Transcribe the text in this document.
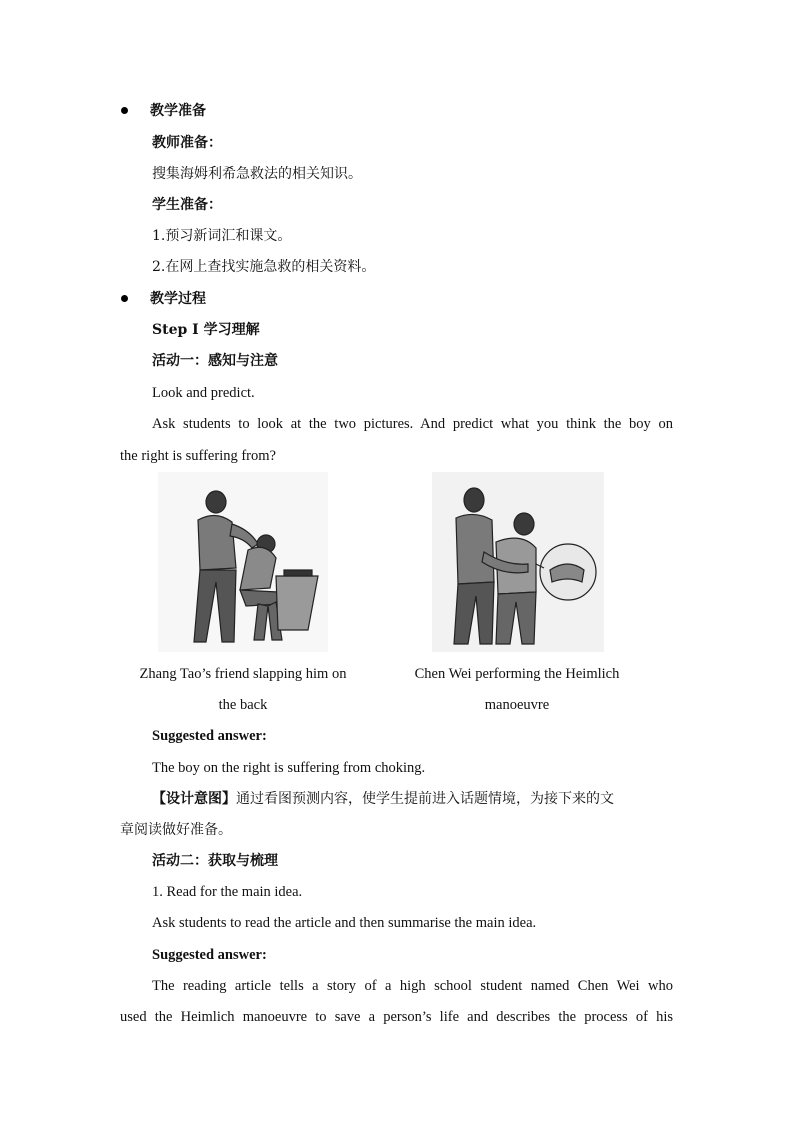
教学准备
教师准备：
搜集海姆利希急救法的相关知识。
学生准备：
1.预习新词汇和课文。
2.在网上查找实施急救的相关资料。
教学过程
Step I 学习理解
活动一：感知与注意
Look and predict.
Ask students to look at the two pictures. And predict what you think the boy on
the right is suffering from?
Zhang Tao’s friend slapping him on
the back
Chen Wei performing the Heimlich
manoeuvre
Suggested answer:
The boy on the right is suffering from choking.
【设计意图】通过看图预测内容，使学生提前进入话题情境，为接下来的文
章阅读做好准备。
活动二：获取与梳理
1. Read for the main idea.
Ask students to read the article and then summarise the main idea.
Suggested answer:
The reading article tells a story of a high school student named Chen Wei who
used the Heimlich manoeuvre to save a person’s life and describes the process of his
